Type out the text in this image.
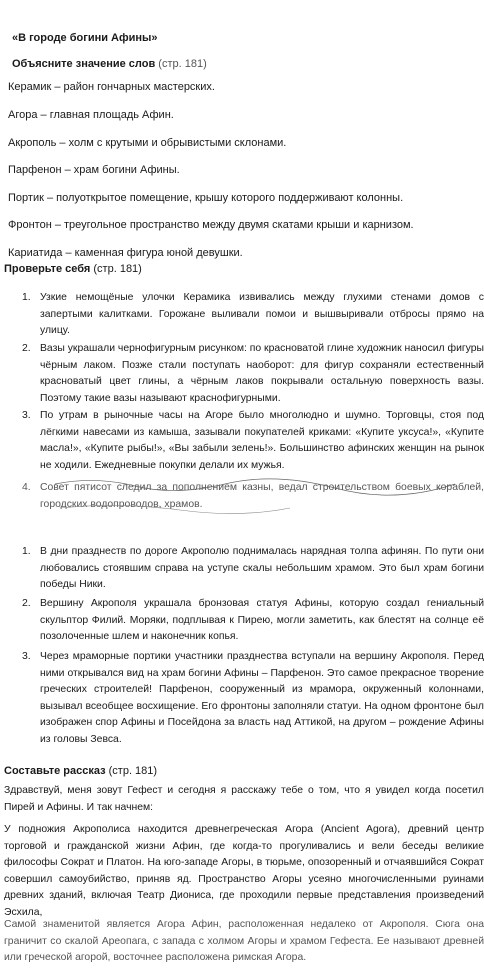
«В городе богини Афины»
Объясните значение слов (стр. 181)
Керамик – район гончарных мастерских.
Агора – главная площадь Афин.
Акрополь – холм с крутыми и обрывистыми склонами.
Парфенон – храм богини Афины.
Портик – полуоткрытое помещение, крышу которого поддерживают колонны.
Фронтон – треугольное пространство между двумя скатами крыши и карнизом.
Кариатида – каменная фигура юной девушки.
Проверьте себя (стр. 181)
1. Узкие немощёные улочки Керамика извивались между глухими стенами домов с запертыми калитками. Горожане выливали помои и вышвыривали отбросы прямо на улицу.
2. Вазы украшали чернофигурным рисунком: по красноватой глине художник наносил фигуры чёрным лаком. Позже стали поступать наоборот: для фигур сохраняли естественный красноватый цвет глины, а чёрным лаков покрывали остальную поверхность вазы. Поэтому такие вазы называют краснофигурными.
3. По утрам в рыночные часы на Агоре было многолюдно и шумно. Торговцы, стоя под лёгкими навесами из камыша, зазывали покупателей криками: «Купите уксуса!», «Купите масла!», «Купите рыбы!», «Вы забыли зелень!». Большинство афинских женщин на рынок не ходили. Ежедневные покупки делали их мужья.
4. Совет пятисот следил за пополнением казны, ведал строительством боевых кораблей, городских водопроводов, храмов.
1. В дни празднеств по дороге Акрополю поднималась нарядная толпа афинян. По пути они любовались стоявшим справа на уступе скалы небольшим храмом. Это был храм богини победы Ники.
2. Вершину Акрополя украшала бронзовая статуя Афины, которую создал гениальный скульптор Филий. Моряки, подплывая к Пирею, могли заметить, как блестят на солнце её позолоченные шлем и наконечник копья.
3. Через мраморные портики участники празднества вступали на вершину Акрополя. Перед ними открывался вид на храм богини Афины – Парфенон. Это самое прекрасное творение греческих строителей! Парфенон, сооруженный из мрамора, окруженный колоннами, вызывал всеобщее восхищение. Его фронтоны заполняли статуи. На одном фронтоне был изображен спор Афины и Посейдона за власть над Аттикой, на другом – рождение Афины из головы Зевса.
Составьте рассказ (стр. 181)
Здравствуй, меня зовут Гефест и сегодня я расскажу тебе о том, что я увидел когда посетил Пирей и Афины. И так начнем:
У подножия Акрополиса находится древнегреческая Агора (Ancient Agora), древний центр торговой и гражданской жизни Афин, где когда-то прогуливались и вели беседы великие философы Сократ и Платон. На юго-западе Агоры, в тюрьме, опозоренный и отчаявшийся Сократ совершил самоубийство, приняв яд. Пространство Агоры усеяно многочисленными руинами древних зданий, включая Театр Диониса, где проходили первые представления произведений Эсхила,
Самой знаменитой является Агора Афин, расположенная недалеко от Акрополя. Сюга она граничит со скалой Ареопага, с запада с холмом Агоры и храмом Гефеста. Ее называют древней или греческой агорой, восточнее расположена римская Агора.
